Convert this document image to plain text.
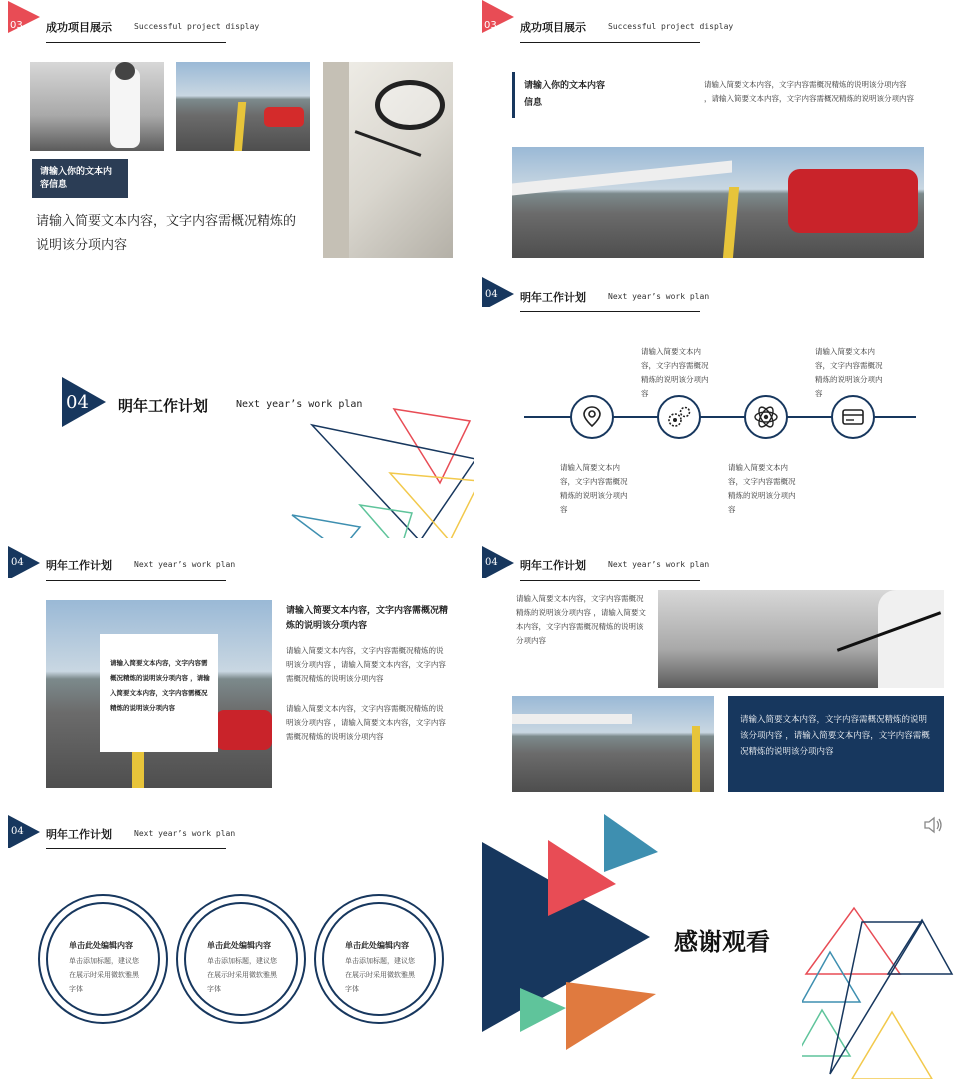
03 成功项目展示	Successful project display
请输入你的文本内容信息
请输入简要文本内容，文字内容需概况精炼的说明该分项内容
03 成功项目展示	Successful project display
请输入你的文本内容信息
请输入简要文本内容，文字内容需概况精炼的说明该分项内容 ，请输入简要文本内容，文字内容需概况精炼的说明该分项内容
04 明年工作计划	Next year’s work plan
04 明年工作计划	Next year’s work plan
请输入简要文本内容，文字内容需概况精炼的说明该分项内容
请输入简要文本内容，文字内容需概况精炼的说明该分项内容
请输入简要文本内容，文字内容需概况精炼的说明该分项内容
请输入简要文本内容，文字内容需概况精炼的说明该分项内容
04 明年工作计划	Next year’s work plan
请输入简要文本内容，文字内容需概况精炼的说明该分项内容 ，请输入简要文本内容，文字内容需概况精炼的说明该分项内容
请输入简要文本内容，文字内容需概况精炼的说明该分项内容
请输入简要文本内容，文字内容需概况精炼的说明该分项内容 ，请输入简要文本内容，文字内容需概况精炼的说明该分项内容
请输入简要文本内容，文字内容需概况精炼的说明该分项内容 ，请输入简要文本内容，文字内容需概况精炼的说明该分项内容
04 明年工作计划	Next year’s work plan
请输入简要文本内容，文字内容需概况精炼的说明该分项内容 ，请输入简要文本内容，文字内容需概况精炼的说明该分项内容
请输入简要文本内容，文字内容需概况精炼的说明该分项内容 ，请输入简要文本内容，文字内容需概况精炼的说明该分项内容
04 明年工作计划	Next year’s work plan
单击此处编辑内容
单击添加标题，建议您在展示时采用微软雅黑字体
单击此处编辑内容
单击添加标题，建议您在展示时采用微软雅黑字体
单击此处编辑内容
单击添加标题，建议您在展示时采用微软雅黑字体
感谢观看
